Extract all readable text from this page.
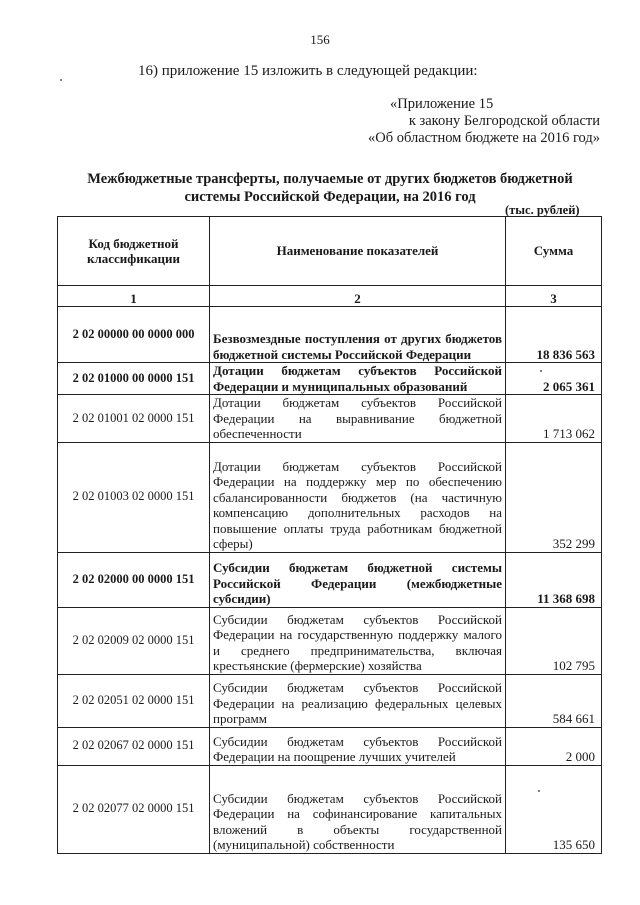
156
16) приложение 15 изложить в следующей редакции:
«Приложение 15
к закону Белгородской области
«Об областном бюджете на 2016 год»
Межбюджетные трансферты, получаемые от других бюджетов бюджетной
системы Российской Федерации, на 2016 год
(тыс. рублей)
Код бюджетной классификации	Наименование показателей	Сумма
1	2	3
2 02 00000 00 0000 000	Безвозмездные поступления от других бюджетов бюджетной системы Российской Федерации	18 836 563
2 02 01000 00 0000 151	Дотации бюджетам субъектов Российской Федерации и муниципальных образований	2 065 361
2 02 01001 02 0000 151	Дотации бюджетам субъектов Российской Федерации на выравнивание бюджетной обеспеченности	1 713 062
2 02 01003 02 0000 151	Дотации бюджетам субъектов Российской Федерации на поддержку мер по обеспечению сбалансированности бюджетов (на частичную компенсацию дополнительных расходов на повышение оплаты труда работникам бюджетной сферы)	352 299
2 02 02000 00 0000 151	Субсидии бюджетам бюджетной системы Российской Федерации (межбюджетные субсидии)	11 368 698
2 02 02009 02 0000 151	Субсидии бюджетам субъектов Российской Федерации на государственную поддержку малого и среднего предпринимательства, включая крестьянские (фермерские) хозяйства	102 795
2 02 02051 02 0000 151	Субсидии бюджетам субъектов Российской Федерации на реализацию федеральных целевых программ	584 661
2 02 02067 02 0000 151	Субсидии бюджетам субъектов Российской Федерации на поощрение лучших учителей	2 000
2 02 02077 02 0000 151	Субсидии бюджетам субъектов Российской Федерации на софинансирование капитальных вложений в объекты государственной (муниципальной) собственности	135 650
